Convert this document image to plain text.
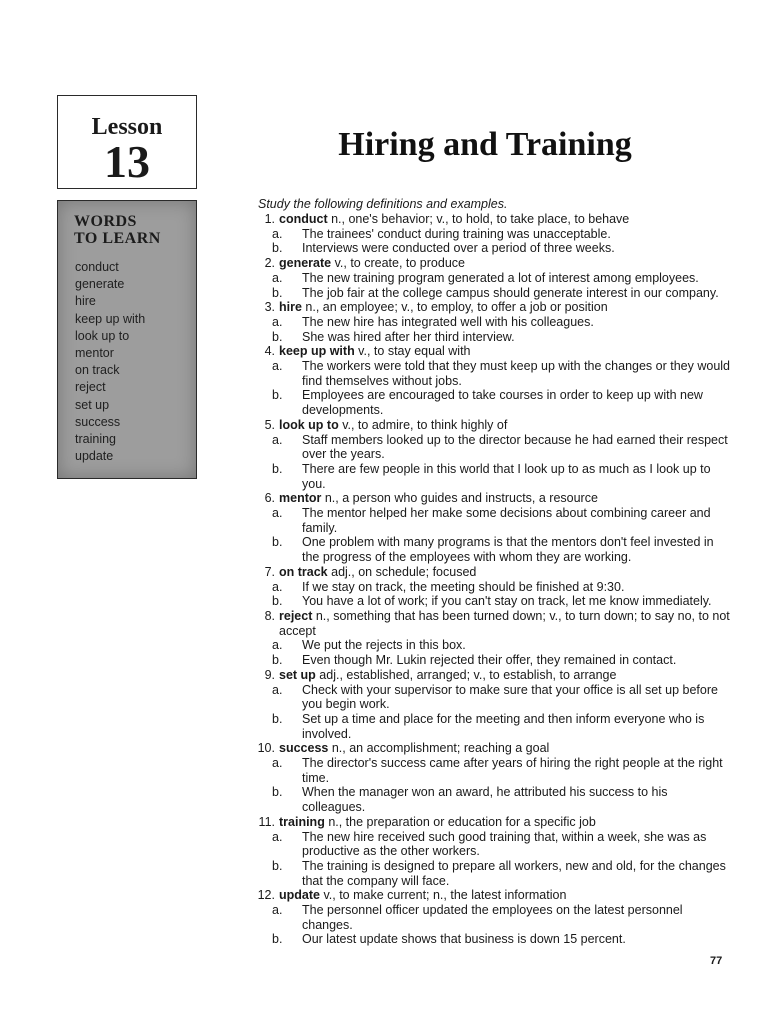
Lesson
13
WORDS
TO LEARN
conduct
generate
hire
keep up with
look up to
mentor
on track
reject
set up
success
training
update
Hiring and Training
Study the following definitions and examples.
1. conduct n., one's behavior; v., to hold, to take place, to behave
a.	The trainees' conduct during training was unacceptable.
b.	Interviews were conducted over a period of three weeks.
2. generate v., to create, to produce
a.	The new training program generated a lot of interest among employees.
b.	The job fair at the college campus should generate interest in our company.
3. hire n., an employee; v., to employ, to offer a job or position
a.	The new hire has integrated well with his colleagues.
b.	She was hired after her third interview.
4. keep up with v., to stay equal with
a.	The workers were told that they must keep up with the changes or they would find themselves without jobs.
b.	Employees are encouraged to take courses in order to keep up with new developments.
5. look up to v., to admire, to think highly of
a.	Staff members looked up to the director because he had earned their respect over the years.
b.	There are few people in this world that I look up to as much as I look up to you.
6. mentor n., a person who guides and instructs, a resource
a.	The mentor helped her make some decisions about combining career and family.
b.	One problem with many programs is that the mentors don't feel invested in the progress of the employees with whom they are working.
7. on track adj., on schedule; focused
a.	If we stay on track, the meeting should be finished at 9:30.
b.	You have a lot of work; if you can't stay on track, let me know immediately.
8. reject n., something that has been turned down; v., to turn down; to say no, to not accept
a.	We put the rejects in this box.
b.	Even though Mr. Lukin rejected their offer, they remained in contact.
9. set up adj., established, arranged; v., to establish, to arrange
a.	Check with your supervisor to make sure that your office is all set up before you begin work.
b.	Set up a time and place for the meeting and then inform everyone who is involved.
10. success n., an accomplishment; reaching a goal
a.	The director's success came after years of hiring the right people at the right time.
b.	When the manager won an award, he attributed his success to his colleagues.
11. training n., the preparation or education for a specific job
a.	The new hire received such good training that, within a week, she was as productive as the other workers.
b.	The training is designed to prepare all workers, new and old, for the changes that the company will face.
12. update v., to make current; n., the latest information
a.	The personnel officer updated the employees on the latest personnel changes.
b.	Our latest update shows that business is down 15 percent.
77
